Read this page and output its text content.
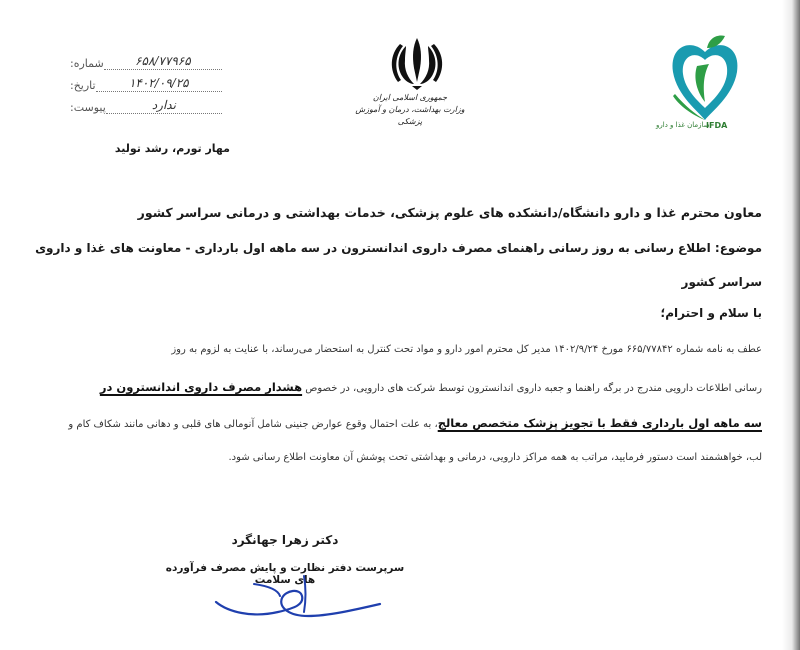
شماره:	۶۵۸/۷۷۹۶۵
تاریخ:	۱۴۰۲/۰۹/۲۵
پیوست:	ندارد
مهار تورم، رشد تولید
جمهوری اسلامی ایران
وزارت بهداشت، درمان و آموزش پزشکی	سازمان غذا و دارو
IFDA
معاون محترم غذا و دارو دانشگاه/دانشکده های علوم پزشکی، خدمات بهداشتی و درمانی سراسر کشور
موضوع: اطلاع رسانی به روز رسانی راهنمای مصرف داروی اندانسترون در سه ماهه اول بارداری - معاونت های غذا و داروی
سراسر کشور
با سلام و احترام؛
عطف به نامه شماره ۶۶۵/۷۷۸۴۲ مورخ ۱۴۰۲/۹/۲۴ مدیر کل محترم امور دارو و مواد تحت کنترل به استحضار می‌رساند، با عنایت به لزوم به روز
رسانی اطلاعات دارویی مندرج در برگه راهنما و جعبه داروی اندانسترون توسط شرکت های دارویی، در خصوص هشدار مصرف داروی اندانسترون در
سه ماهه اول بارداری فقط با تجویز پزشک متخصص معالج، به علت احتمال وقوع عوارض جنینی شامل آنومالی های قلبی و دهانی مانند شکاف کام و
لب، خواهشمند است دستور فرمایید، مراتب به همه مراکز دارویی، درمانی و بهداشتی تحت پوشش آن معاونت اطلاع رسانی شود.
دکتر زهرا جهانگرد
سرپرست دفتر نظارت و پایش مصرف فرآورده های سلامت
